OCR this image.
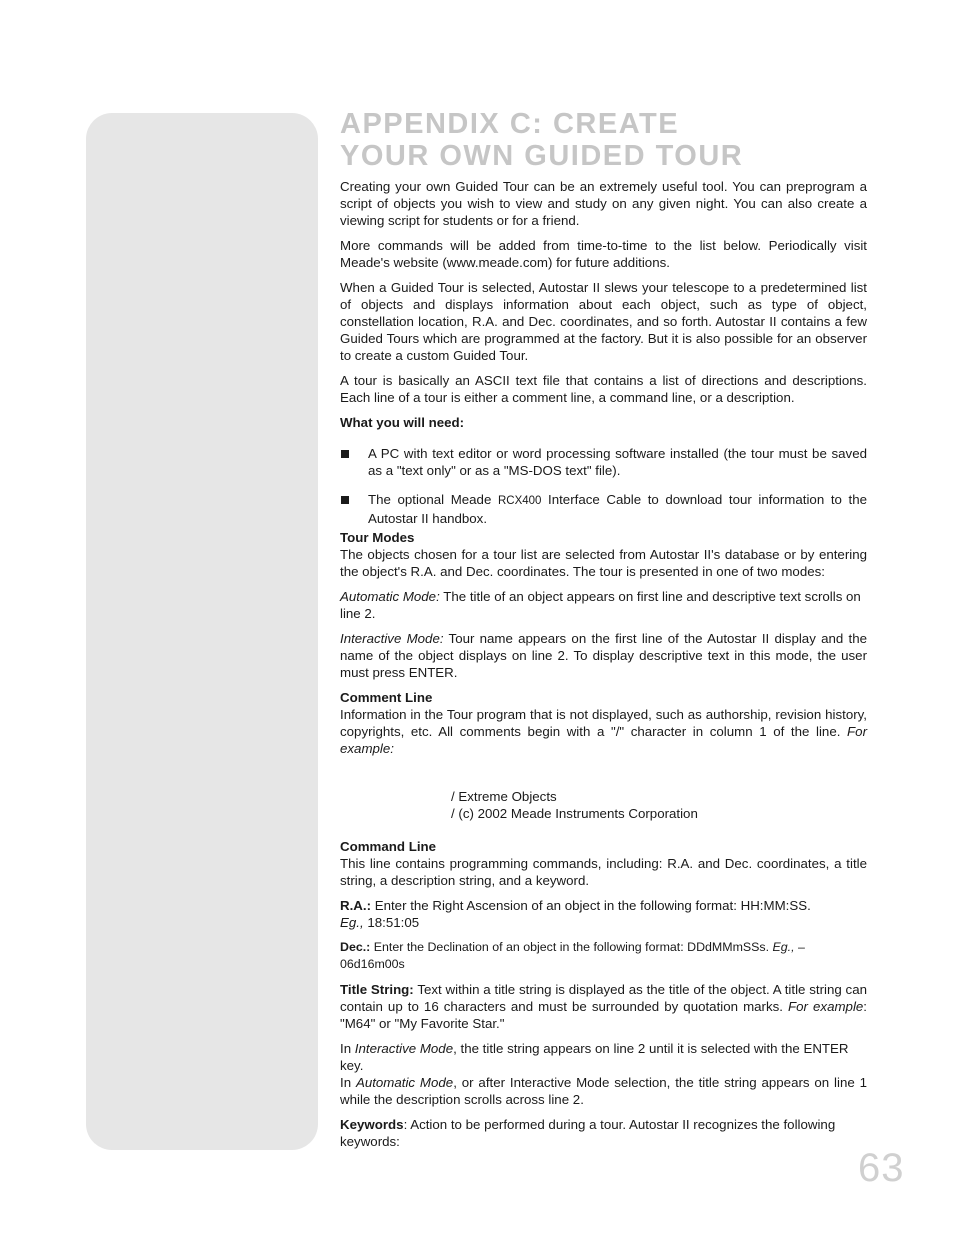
APPENDIX C: CREATE
YOUR OWN GUIDED TOUR

Creating your own Guided Tour can be an extremely useful tool. You can preprogram a script of objects you wish to view and study on any given night. You can also create a viewing script for students or for a friend.

More commands will be added from time-to-time to the list below. Periodically visit Meade's website (www.meade.com) for future additions.

When a Guided Tour is selected, Autostar II slews your telescope to a predetermined list of objects and displays information about each object, such as type of object, constellation location, R.A. and Dec. coordinates, and so forth. Autostar II contains a few Guided Tours which are programmed at the factory. But it is also possible for an observer to create a custom Guided Tour.

A tour is basically an ASCII text file that contains a list of directions and descriptions. Each line of a tour is either a comment line, a command line, or a description.

What you will need:

A PC with text editor or word processing software installed (the tour must be saved as a "text only" or as a "MS-DOS text" file).
The optional Meade RCX400 Interface Cable to download tour information to the Autostar II handbox.

Tour Modes

The objects chosen for a tour list are selected from Autostar II's database or by entering the object's R.A. and Dec. coordinates. The tour is presented in one of two modes:

Automatic Mode: The title of an object appears on first line and descriptive text scrolls on line 2.

Interactive Mode: Tour name appears on the first line of the Autostar II display and the name of the object displays on line 2. To display descriptive text in this mode, the user must press ENTER.

Comment Line

Information in the Tour program that is not displayed, such as authorship, revision history, copyrights, etc. All comments begin with a "/" character in column 1 of the line. For example:

/ Extreme Objects
/ (c) 2002 Meade Instruments Corporation

Command Line

This line contains programming commands, including: R.A. and Dec. coordinates, a title string, a description string, and a keyword.

R.A.: Enter the Right Ascension of an object in the following format: HH:MM:SS.
Eg., 18:51:05

Dec.: Enter the Declination of an object in the following format: DDdMMmSSs. Eg., –06d16m00s

Title String: Text within a title string is displayed as the title of the object. A title string can contain up to 16 characters and must be surrounded by quotation marks. For example: "M64" or "My Favorite Star."

In Interactive Mode, the title string appears on line 2 until it is selected with the ENTER key.

In Automatic Mode, or after Interactive Mode selection, the title string appears on line 1 while the description scrolls across line 2.

Keywords: Action to be performed during a tour. Autostar II recognizes the following keywords:

63
